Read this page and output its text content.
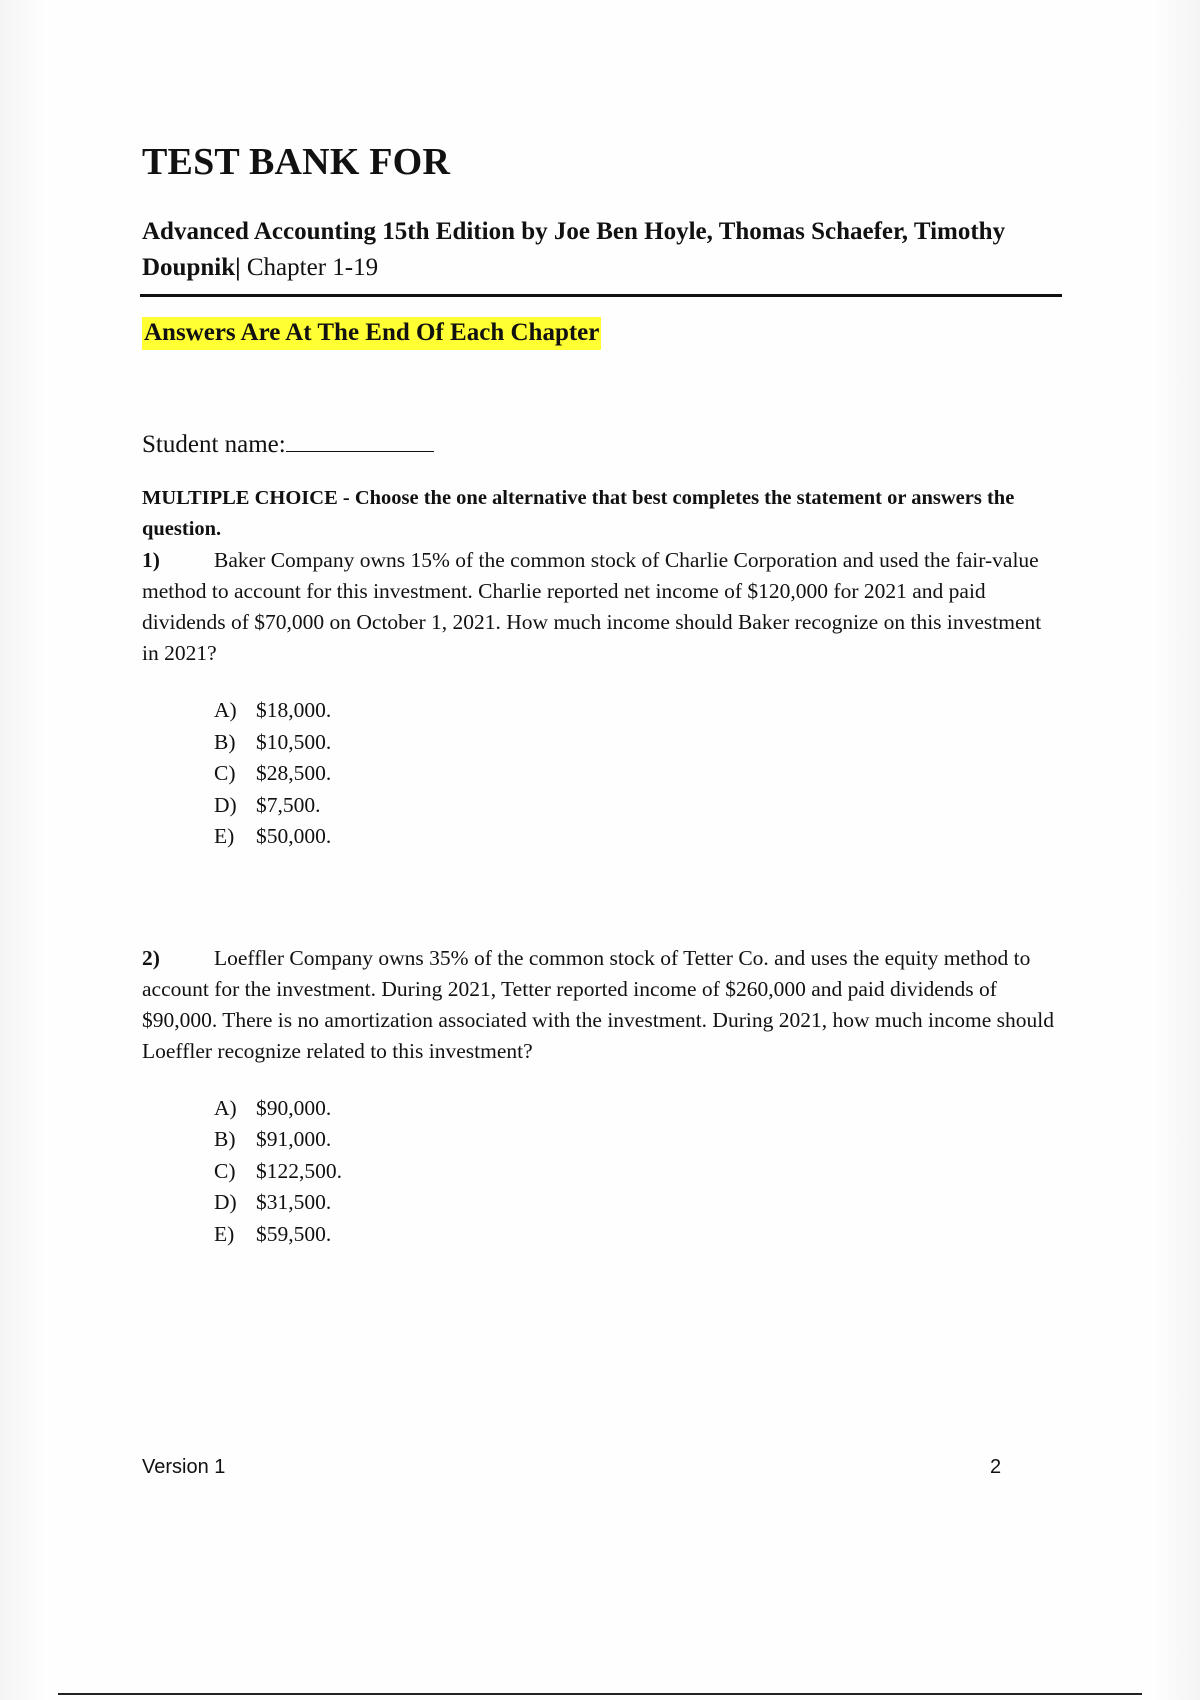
TEST BANK FOR
Advanced Accounting 15th Edition by Joe Ben Hoyle, Thomas Schaefer, Timothy Doupnik| Chapter 1-19
Answers Are At The End Of Each Chapter
Student name:
MULTIPLE CHOICE - Choose the one alternative that best completes the statement or answers the question.
1)	Baker Company owns 15% of the common stock of Charlie Corporation and used the fair-value method to account for this investment. Charlie reported net income of $120,000 for 2021 and paid dividends of $70,000 on October 1, 2021. How much income should Baker recognize on this investment in 2021?
A) $18,000.
B) $10,500.
C) $28,500.
D) $7,500.
E) $50,000.
2)	Loeffler Company owns 35% of the common stock of Tetter Co. and uses the equity method to account for the investment. During 2021, Tetter reported income of $260,000 and paid dividends of $90,000. There is no amortization associated with the investment. During 2021, how much income should Loeffler recognize related to this investment?
A) $90,000.
B) $91,000.
C) $122,500.
D) $31,500.
E) $59,500.
Version 1	2
